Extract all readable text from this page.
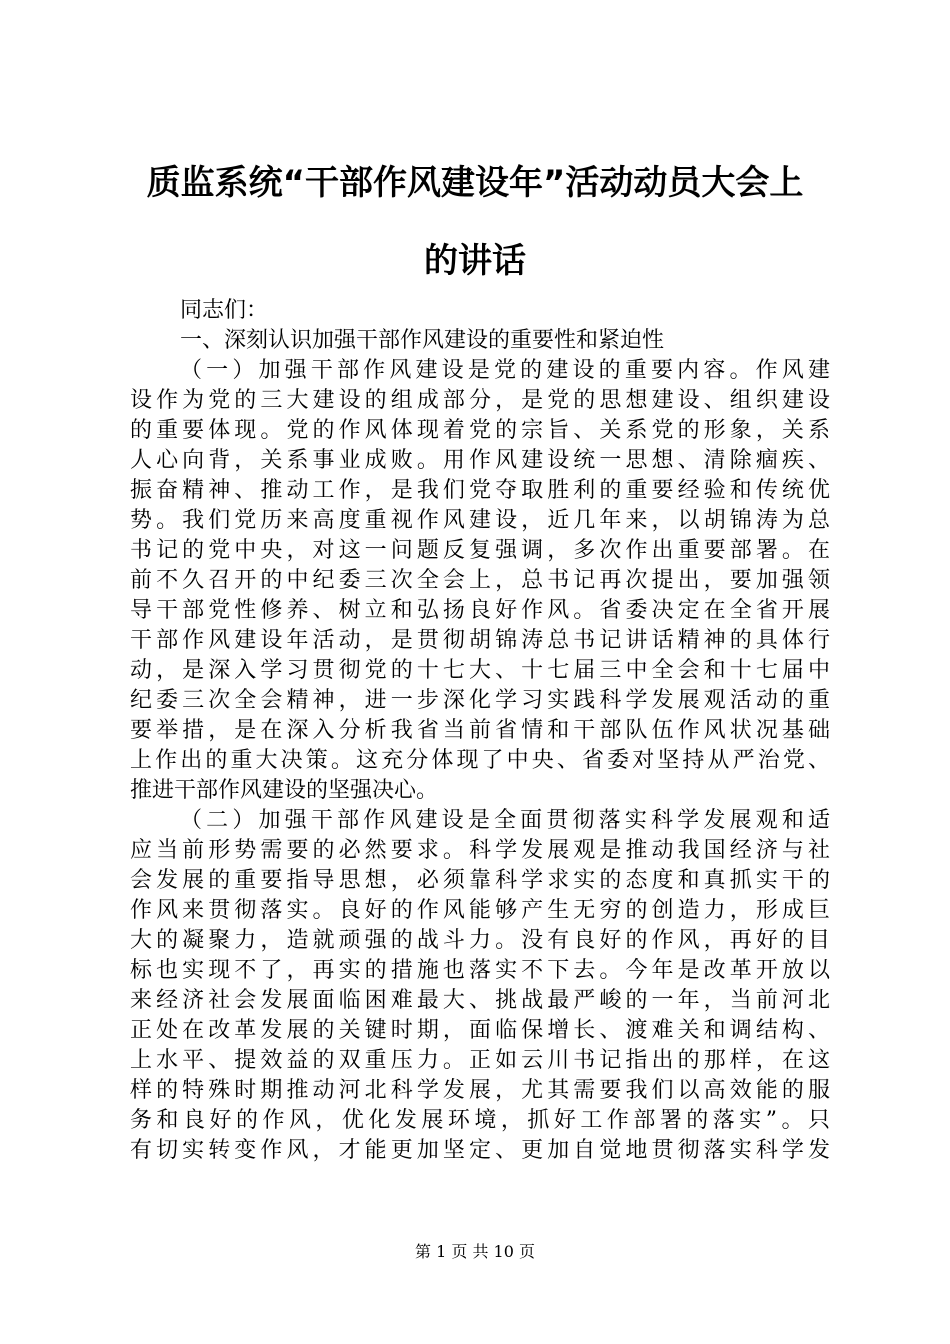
质监系统“干部作风建设年”活动动员大会上
的讲话
同志们：
一、深刻认识加强干部作风建设的重要性和紧迫性
（一）加强干部作风建设是党的建设的重要内容。作风建
设作为党的三大建设的组成部分，是党的思想建设、组织建设
的重要体现。党的作风体现着党的宗旨、关系党的形象，关系
人心向背，关系事业成败。用作风建设统一思想、清除痼疾、
振奋精神、推动工作，是我们党夺取胜利的重要经验和传统优
势。我们党历来高度重视作风建设，近几年来，以胡锦涛为总
书记的党中央，对这一问题反复强调，多次作出重要部署。在
前不久召开的中纪委三次全会上，总书记再次提出，要加强领
导干部党性修养、树立和弘扬良好作风。省委决定在全省开展
干部作风建设年活动，是贯彻胡锦涛总书记讲话精神的具体行
动，是深入学习贯彻党的十七大、十七届三中全会和十七届中
纪委三次全会精神，进一步深化学习实践科学发展观活动的重
要举措，是在深入分析我省当前省情和干部队伍作风状况基础
上作出的重大决策。这充分体现了中央、省委对坚持从严治党、
推进干部作风建设的坚强决心。
（二）加强干部作风建设是全面贯彻落实科学发展观和适
应当前形势需要的必然要求。科学发展观是推动我国经济与社
会发展的重要指导思想，必须靠科学求实的态度和真抓实干的
作风来贯彻落实。良好的作风能够产生无穷的创造力，形成巨
大的凝聚力，造就顽强的战斗力。没有良好的作风，再好的目
标也实现不了，再实的措施也落实不下去。今年是改革开放以
来经济社会发展面临困难最大、挑战最严峻的一年，当前河北
正处在改革发展的关键时期，面临保增长、渡难关和调结构、
上水平、提效益的双重压力。正如云川书记指出的那样，在这
样的特殊时期推动河北科学发展，尤其需要我们以高效能的服
务和良好的作风，优化发展环境，抓好工作部署的落实”。只
有切实转变作风，才能更加坚定、更加自觉地贯彻落实科学发
第 1 页 共 10 页
